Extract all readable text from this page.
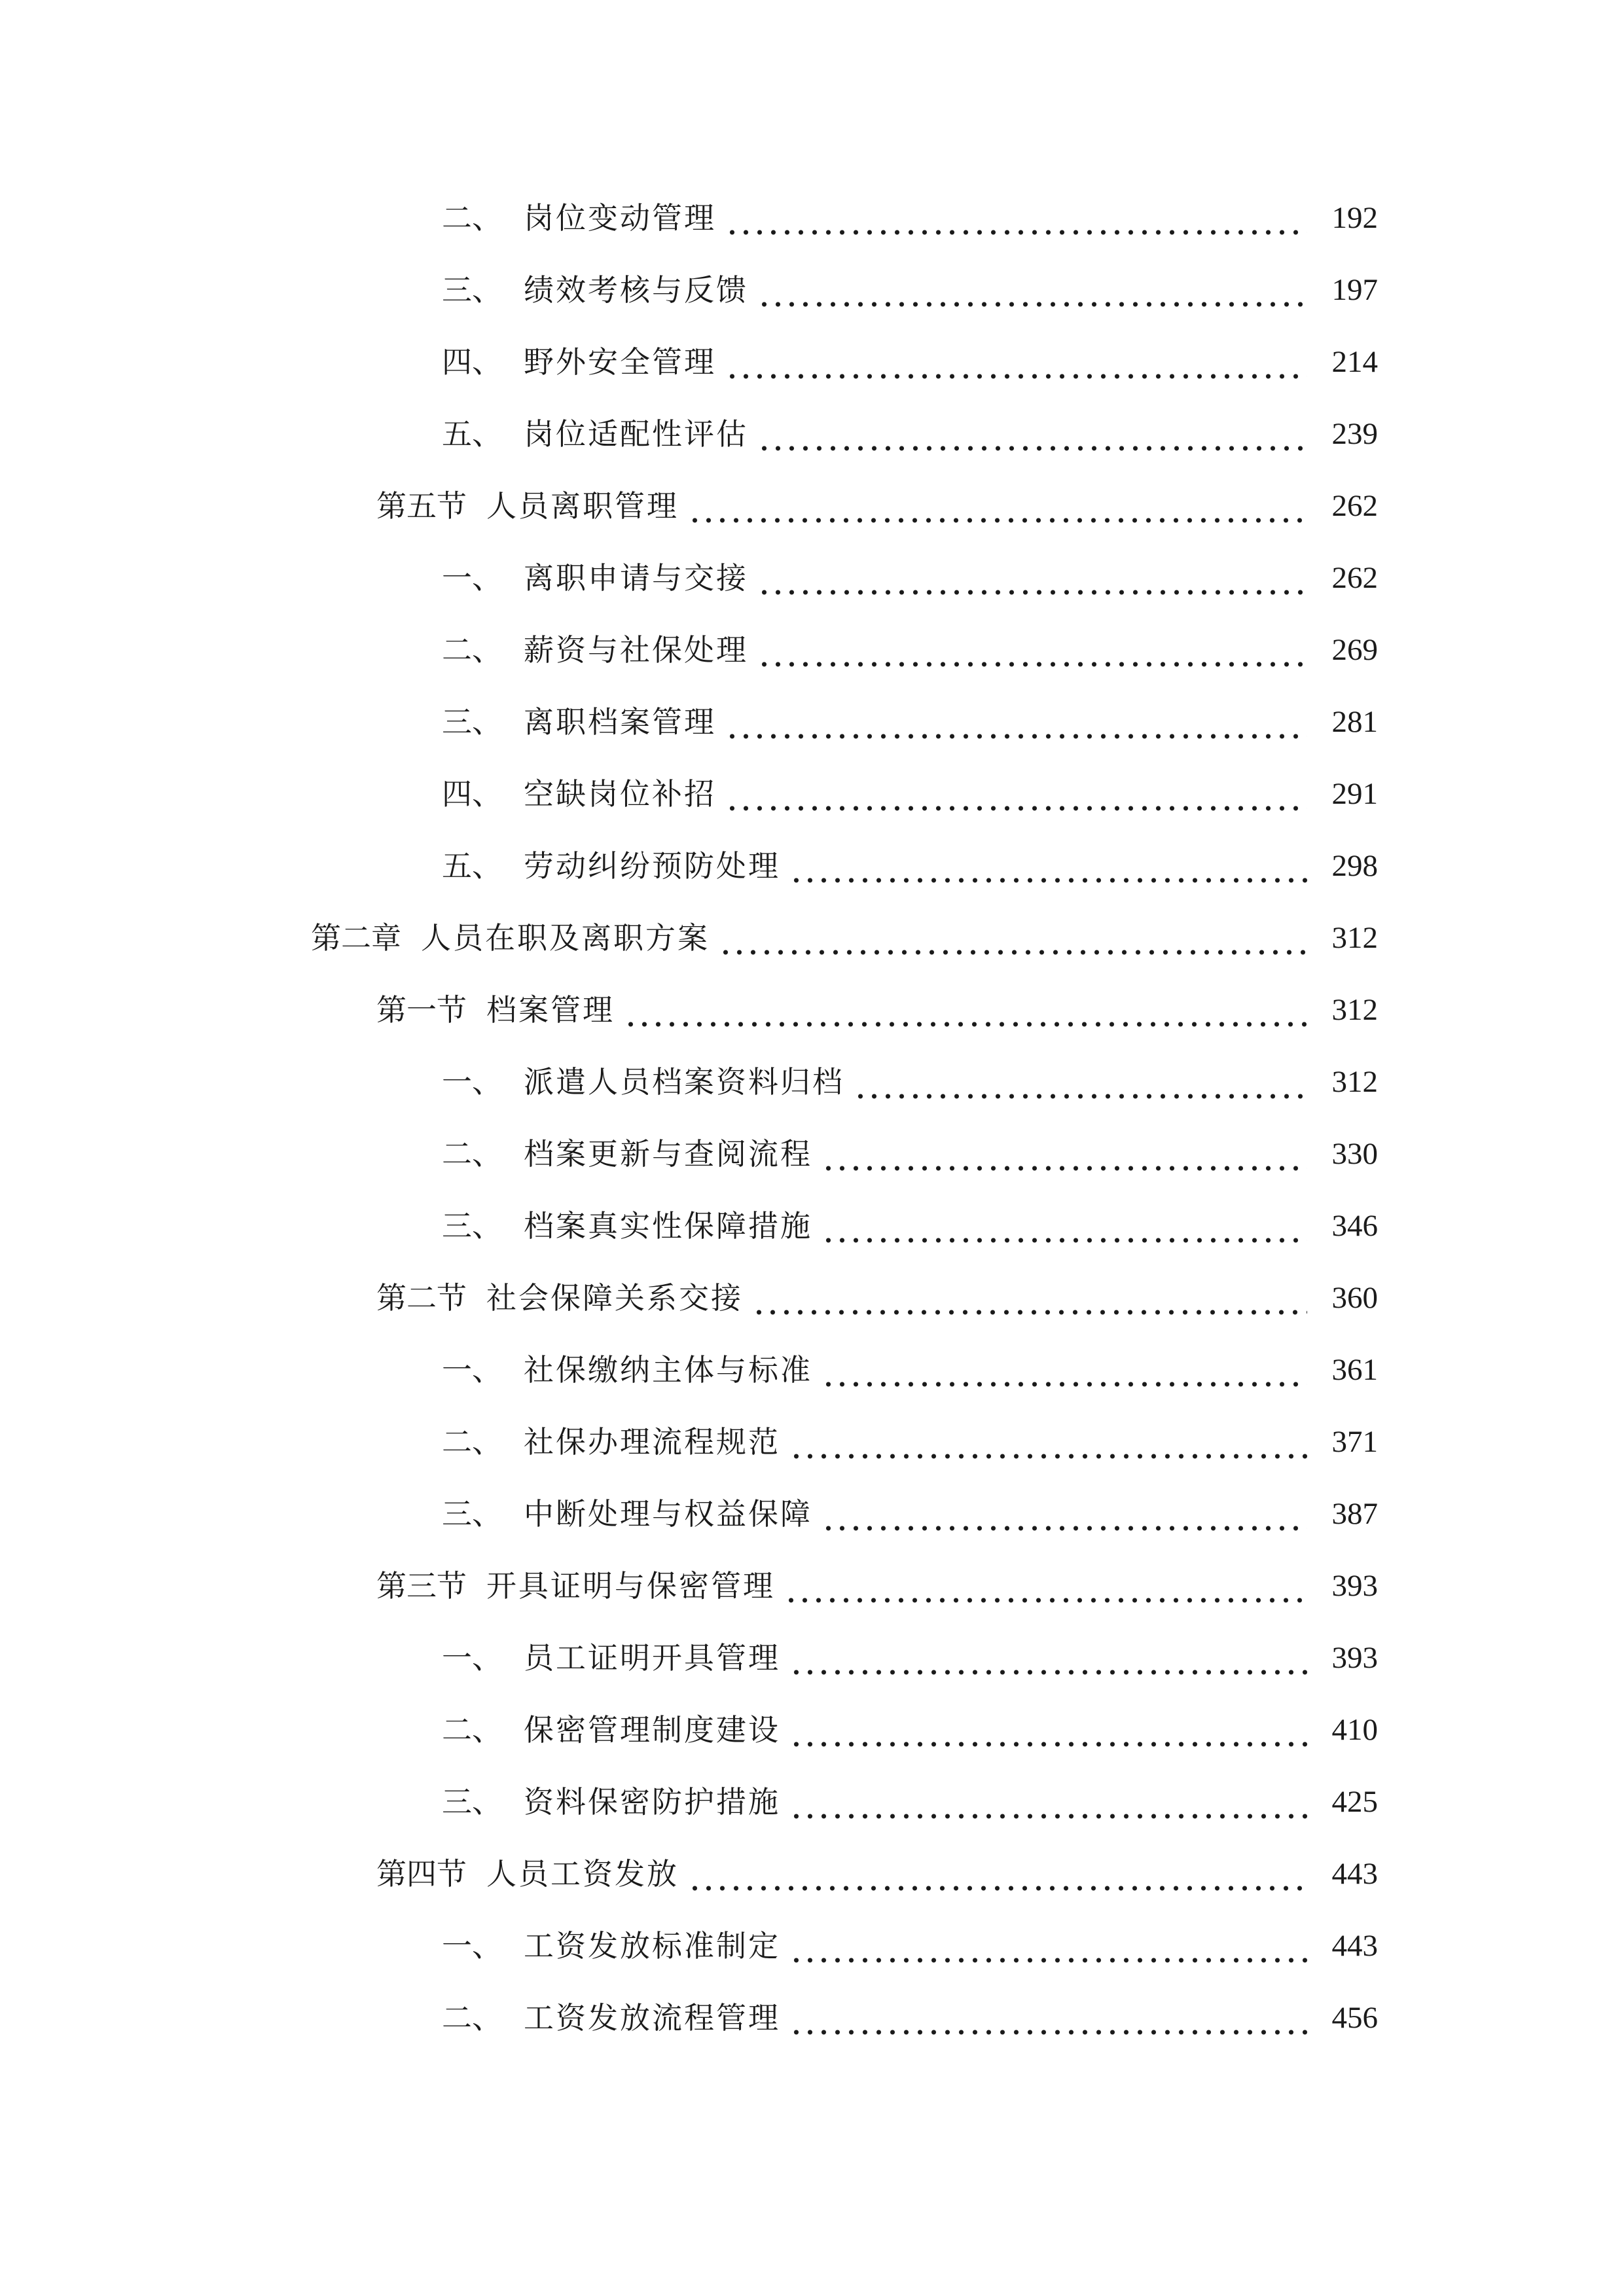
二、 岗位变动管理	192
三、 绩效考核与反馈	197
四、 野外安全管理	214
五、 岗位适配性评估	239
第五节 人员离职管理	262
一、 离职申请与交接	262
二、 薪资与社保处理	269
三、 离职档案管理	281
四、 空缺岗位补招	291
五、 劳动纠纷预防处理	298
第二章 人员在职及离职方案	312
第一节 档案管理	312
一、 派遣人员档案资料归档	312
二、 档案更新与查阅流程	330
三、 档案真实性保障措施	346
第二节 社会保障关系交接	360
一、 社保缴纳主体与标准	361
二、 社保办理流程规范	371
三、 中断处理与权益保障	387
第三节 开具证明与保密管理	393
一、 员工证明开具管理	393
二、 保密管理制度建设	410
三、 资料保密防护措施	425
第四节 人员工资发放	443
一、 工资发放标准制定	443
二、 工资发放流程管理	456
